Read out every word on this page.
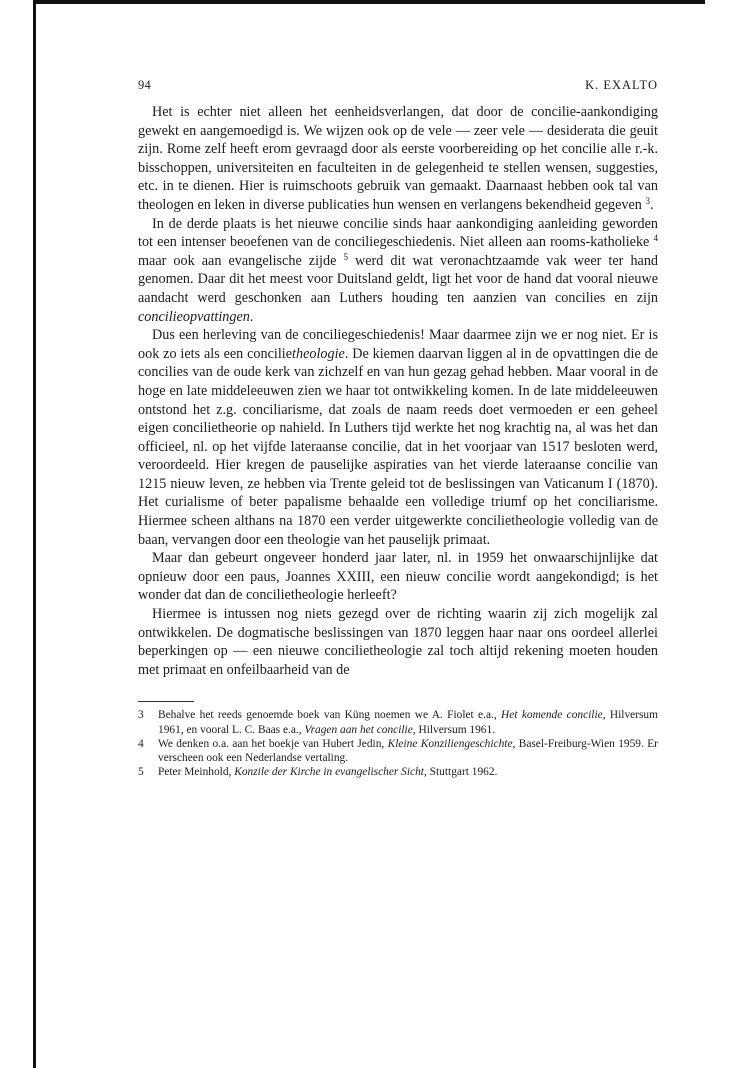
94	K. EXALTO

Het is echter niet alleen het eenheidsverlangen, dat door de concilie-aankondiging gewekt en aangemoedigd is. We wijzen ook op de vele — zeer vele — desiderata die geuit zijn. Rome zelf heeft erom gevraagd door als eerste voorbereiding op het concilie alle r.-k. bisschoppen, universiteiten en faculteiten in de gelegenheid te stellen wensen, suggesties, etc. in te dienen. Hier is ruimschoots gebruik van gemaakt. Daarnaast hebben ook tal van theologen en leken in diverse publicaties hun wensen en verlangens bekendheid gegeven $^3$.

In de derde plaats is het nieuwe concilie sinds haar aankondiging aanleiding geworden tot een intenser beoefenen van de conciliegeschiedenis. Niet alleen aan rooms-katholieke $^4$ maar ook aan evangelische zijde $^5$ werd dit wat veronachtzaamde vak weer ter hand genomen. Daar dit het meest voor Duitsland geldt, ligt het voor de hand dat vooral nieuwe aandacht werd geschonken aan Luthers houding ten aanzien van concilies en zijn concilieopvattingen.

Dus een herleving van de conciliegeschiedenis! Maar daarmee zijn we er nog niet. Er is ook zo iets als een concilietheologie. De kiemen daarvan liggen al in de opvattingen die de concilies van de oude kerk van zichzelf en van hun gezag gehad hebben. Maar vooral in de hoge en late middeleeuwen zien we haar tot ontwikkeling komen. In de late middeleeuwen ontstond het z.g. conciliarisme, dat zoals de naam reeds doet vermoeden er een geheel eigen concilietheorie op nahield. In Luthers tijd werkte het nog krachtig na, al was het dan officieel, nl. op het vijfde lateraanse concilie, dat in het voorjaar van 1517 besloten werd, veroordeeld. Hier kregen de pauselijke aspiraties van het vierde lateraanse concilie van 1215 nieuw leven, ze hebben via Trente geleid tot de beslissingen van Vaticanum I (1870). Het curialisme of beter papalisme behaalde een volledige triumf op het conciliarisme. Hiermee scheen althans na 1870 een verder uitgewerkte concilietheologie volledig van de baan, vervangen door een theologie van het pauselijk primaat.

Maar dan gebeurt ongeveer honderd jaar later, nl. in 1959 het onwaarschijnlijke dat opnieuw door een paus, Joannes XXIII, een nieuw concilie wordt aangekondigd; is het wonder dat dan de concilietheologie herleeft?

Hiermee is intussen nog niets gezegd over de richting waarin zij zich mogelijk zal ontwikkelen. De dogmatische beslissingen van 1870 leggen haar naar ons oordeel allerlei beperkingen op — een nieuwe concilietheologie zal toch altijd rekening moeten houden met primaat en onfeilbaarheid van de

3	Behalve het reeds genoemde boek van Küng noemen we A. Fiolet e.a., Het komende concilie, Hilversum 1961, en vooral L. C. Baas e.a., Vragen aan het concilie, Hilversum 1961.
4	We denken o.a. aan het boekje van Hubert Jedin, Kleine Konziliengeschichte, Basel-Freiburg-Wien 1959. Er verscheen ook een Nederlandse vertaling.
5	Peter Meinhold, Konzile der Kirche in evangelischer Sicht, Stuttgart 1962.
